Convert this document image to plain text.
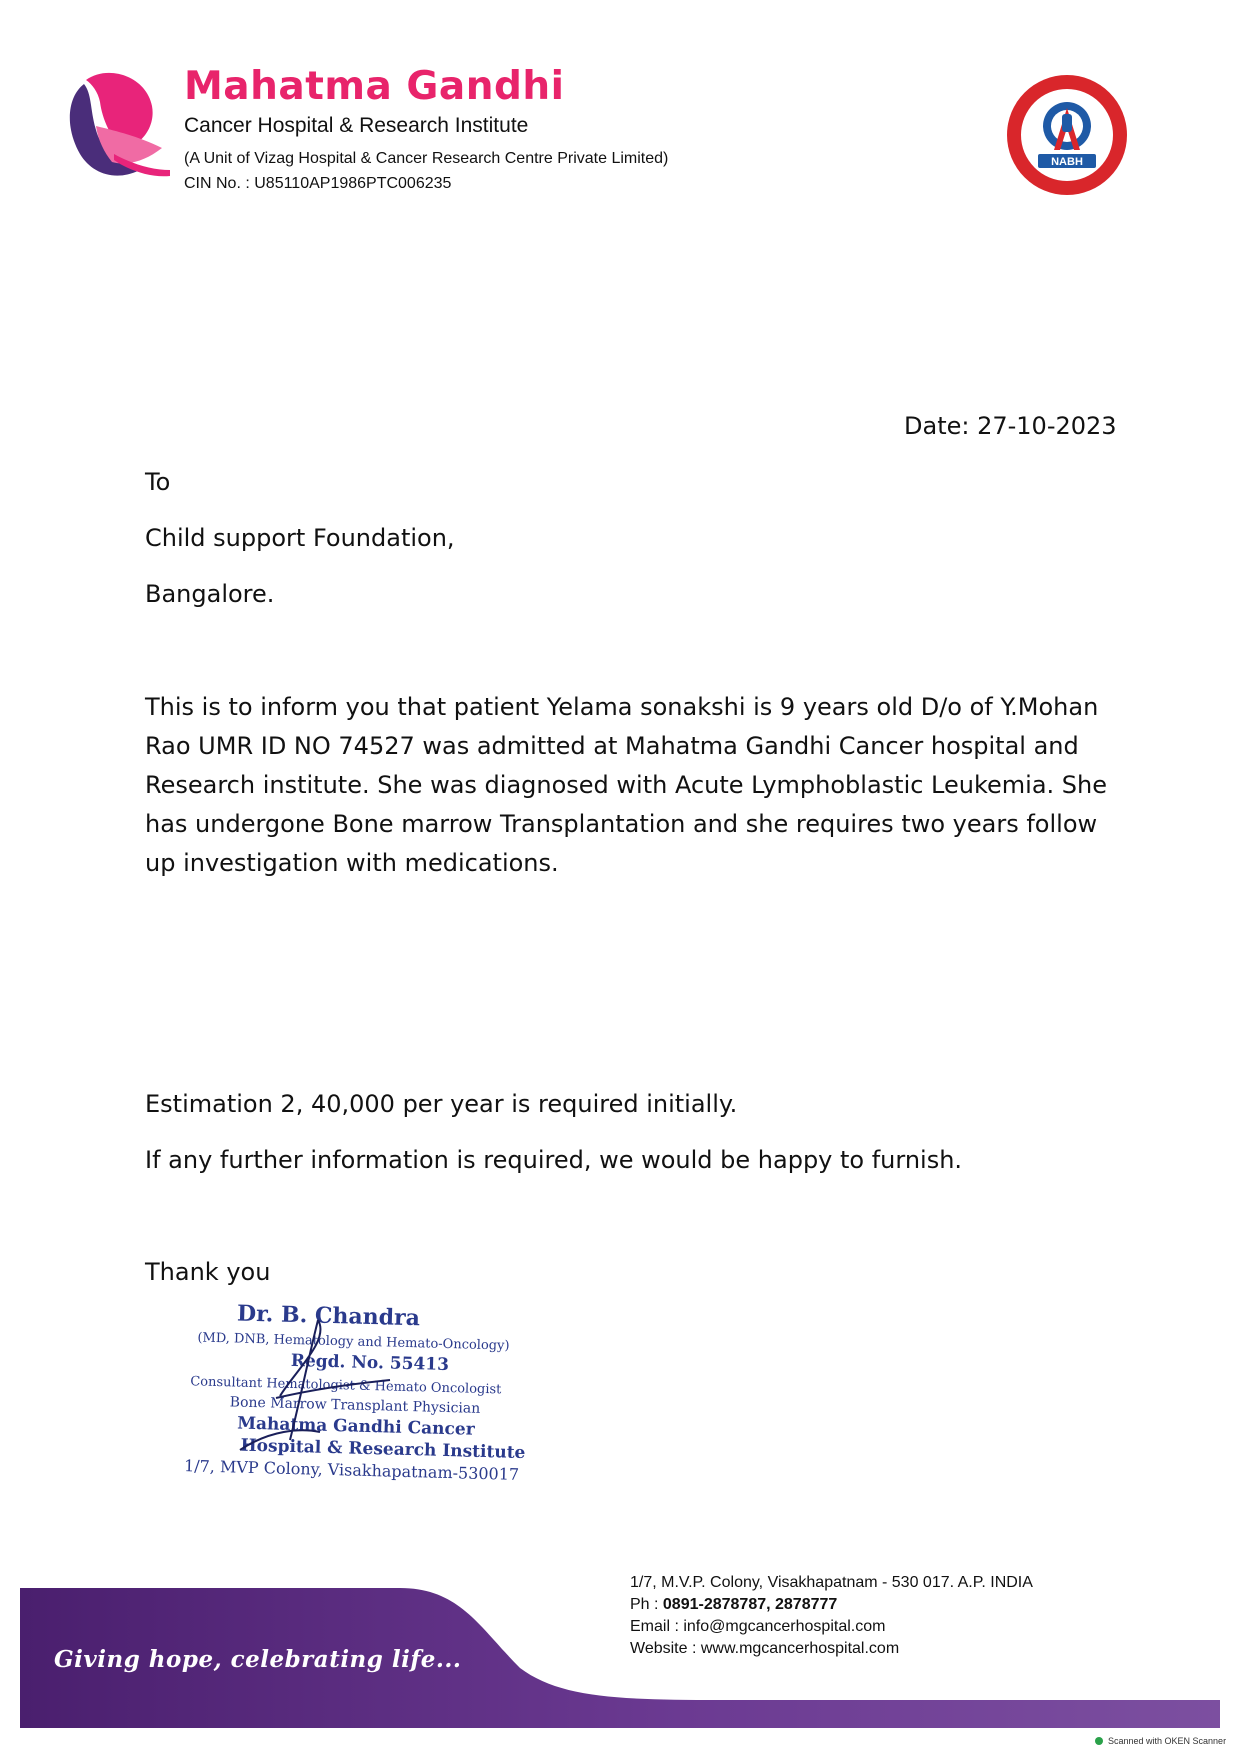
Mahatma Gandhi
Cancer Hospital & Research Institute
(A Unit of Vizag Hospital & Cancer Research Centre Private Limited)
CIN No. : U85110AP1986PTC006235
NABH
Date: 27-10-2023
To
Child support Foundation,
Bangalore.
This is to inform you that patient Yelama sonakshi is 9 years old D/o of Y.Mohan Rao UMR ID NO 74527 was admitted at Mahatma Gandhi Cancer hospital and Research institute. She was diagnosed with Acute Lymphoblastic Leukemia. She has undergone Bone marrow Transplantation and she requires two years follow up investigation with medications.
Estimation 2, 40,000 per year is required initially.
If any further information is required, we would be happy to furnish.
Thank you
Dr. B. Chandra
(MD, DNB, Hematology and Hemato-Oncology)
Regd. No. 55413
Consultant Hematologist & Hemato Oncologist
Bone Marrow Transplant Physician
Mahatma Gandhi Cancer
Hospital & Research Institute
1/7, MVP Colony, Visakhapatnam-530017
Giving hope, celebrating life...
1/7, M.V.P. Colony, Visakhapatnam - 530 017. A.P. INDIA
Ph : 0891-2878787, 2878777
Email : info@mgcancerhospital.com
Website : www.mgcancerhospital.com
Scanned with OKEN Scanner
